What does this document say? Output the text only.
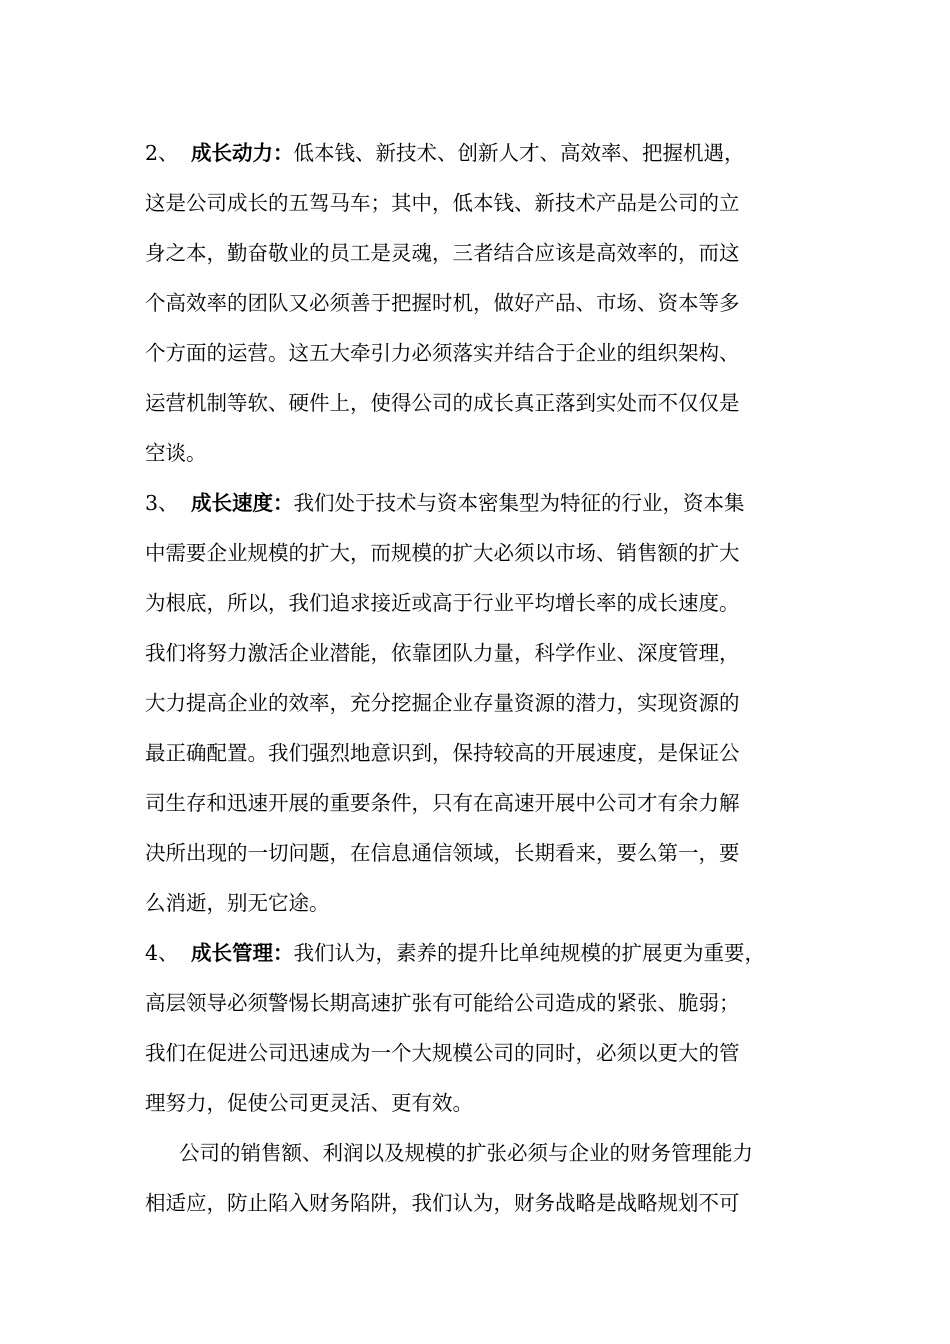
2、 成长动力：低本钱、新技术、创新人才、高效率、把握机遇，
这是公司成长的五驾马车；其中，低本钱、新技术产品是公司的立
身之本，勤奋敬业的员工是灵魂，三者结合应该是高效率的，而这
个高效率的团队又必须善于把握时机，做好产品、市场、资本等多
个方面的运营。这五大牵引力必须落实并结合于企业的组织架构、
运营机制等软、硬件上，使得公司的成长真正落到实处而不仅仅是
空谈。
3、 成长速度：我们处于技术与资本密集型为特征的行业，资本集
中需要企业规模的扩大，而规模的扩大必须以市场、销售额的扩大
为根底，所以，我们追求接近或高于行业平均增长率的成长速度。
我们将努力激活企业潜能，依靠团队力量，科学作业、深度管理，
大力提高企业的效率，充分挖掘企业存量资源的潜力，实现资源的
最正确配置。我们强烈地意识到，保持较高的开展速度，是保证公
司生存和迅速开展的重要条件，只有在高速开展中公司才有余力解
决所出现的一切问题，在信息通信领域，长期看来，要么第一，要
么消逝，别无它途。
4、 成长管理：我们认为，素养的提升比单纯规模的扩展更为重要，
高层领导必须警惕长期高速扩张有可能给公司造成的紧张、脆弱；
我们在促进公司迅速成为一个大规模公司的同时，必须以更大的管
理努力，促使公司更灵活、更有效。
公司的销售额、利润以及规模的扩张必须与企业的财务管理能力
相适应，防止陷入财务陷阱，我们认为，财务战略是战略规划不可
